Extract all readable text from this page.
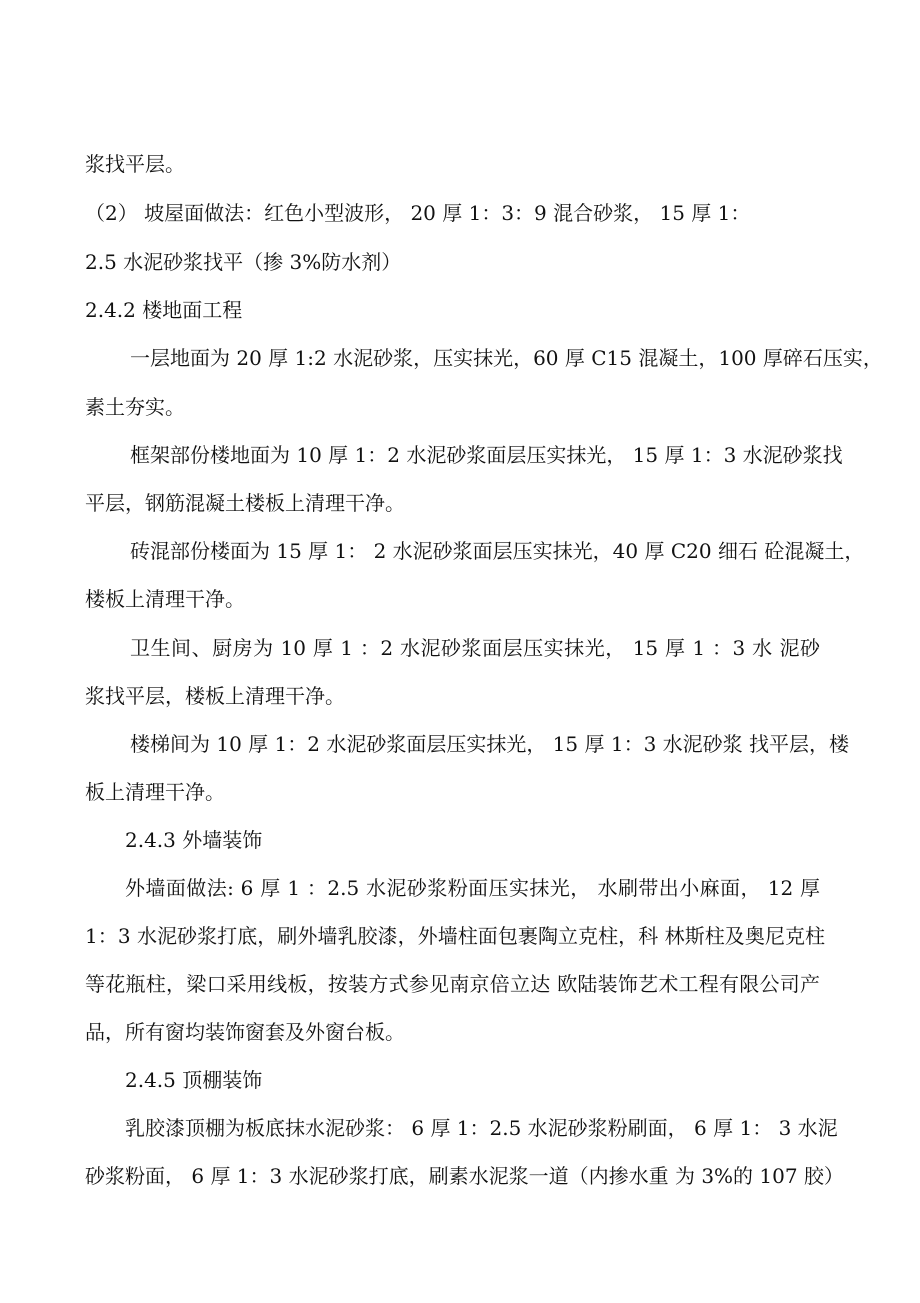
浆找平层。
（2） 坡屋面做法：红色小型波形， 20 厚 1：3：9 混合砂浆， 15 厚 1：
2.5 水泥砂浆找平（掺 3%防水剂）
2.4.2 楼地面工程
一层地面为 20 厚 1:2 水泥砂浆，压实抹光，60 厚 C15 混凝土，100 厚碎石压实，
素土夯实。
框架部份楼地面为 10 厚 1：2 水泥砂浆面层压实抹光， 15 厚 1：3 水泥砂浆找
平层，钢筋混凝土楼板上清理干净。
砖混部份楼面为 15 厚 1： 2 水泥砂浆面层压实抹光，40 厚 C20 细石 砼混凝土，
楼板上清理干净。
卫生间、厨房为 10 厚 1 ：2 水泥砂浆面层压实抹光， 15 厚 1 ：3 水 泥砂
浆找平层，楼板上清理干净。
楼梯间为 10 厚 1：2 水泥砂浆面层压实抹光， 15 厚 1：3 水泥砂浆 找平层，楼
板上清理干净。
2.4.3 外墙装饰
外墙面做法: 6 厚 1 ：2.5 水泥砂浆粉面压实抹光， 水刷带出小麻面， 12 厚
1：3 水泥砂浆打底，刷外墙乳胶漆，外墙柱面包裹陶立克柱，科 林斯柱及奥尼克柱
等花瓶柱，梁口采用线板，按装方式参见南京倍立达 欧陆装饰艺术工程有限公司产
品，所有窗均装饰窗套及外窗台板。
2.4.5 顶棚装饰
乳胶漆顶棚为板底抹水泥砂浆： 6 厚 1：2.5 水泥砂浆粉刷面， 6 厚 1： 3 水泥
砂浆粉面， 6 厚 1：3 水泥砂浆打底，刷素水泥浆一道（内掺水重 为 3%的 107 胶）
